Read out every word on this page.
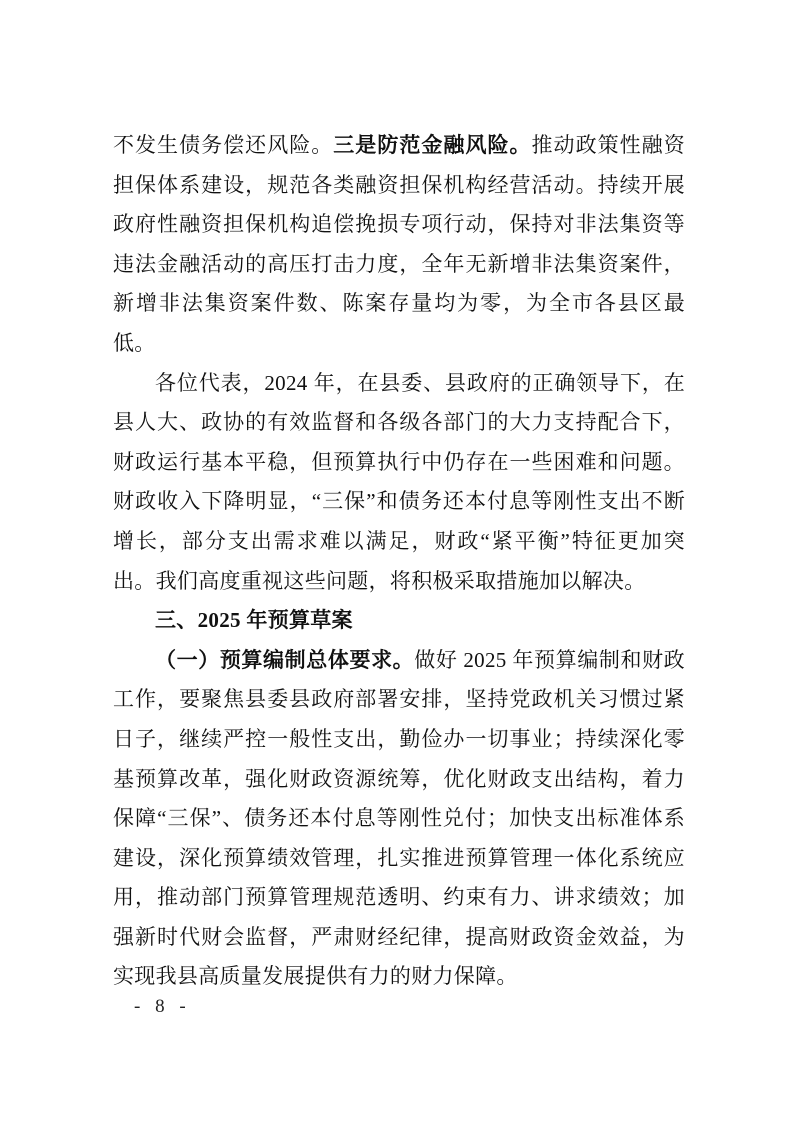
不发生债务偿还风险。三是防范金融风险。推动政策性融资担保体系建设，规范各类融资担保机构经营活动。持续开展政府性融资担保机构追偿挽损专项行动，保持对非法集资等违法金融活动的高压打击力度，全年无新增非法集资案件，新增非法集资案件数、陈案存量均为零，为全市各县区最低。

各位代表，2024 年，在县委、县政府的正确领导下，在县人大、政协的有效监督和各级各部门的大力支持配合下，财政运行基本平稳，但预算执行中仍存在一些困难和问题。财政收入下降明显，“三保”和债务还本付息等刚性支出不断增长，部分支出需求难以满足，财政“紧平衡”特征更加突出。我们高度重视这些问题，将积极采取措施加以解决。

三、2025 年预算草案

（一）预算编制总体要求。做好 2025 年预算编制和财政工作，要聚焦县委县政府部署安排，坚持党政机关习惯过紧日子，继续严控一般性支出，勤俭办一切事业；持续深化零基预算改革，强化财政资源统筹，优化财政支出结构，着力保障“三保”、债务还本付息等刚性兑付；加快支出标准体系建设，深化预算绩效管理，扎实推进预算管理一体化系统应用，推动部门预算管理规范透明、约束有力、讲求绩效；加强新时代财会监督，严肃财经纪律，提高财政资金效益，为实现我县高质量发展提供有力的财力保障。

- 8 -
